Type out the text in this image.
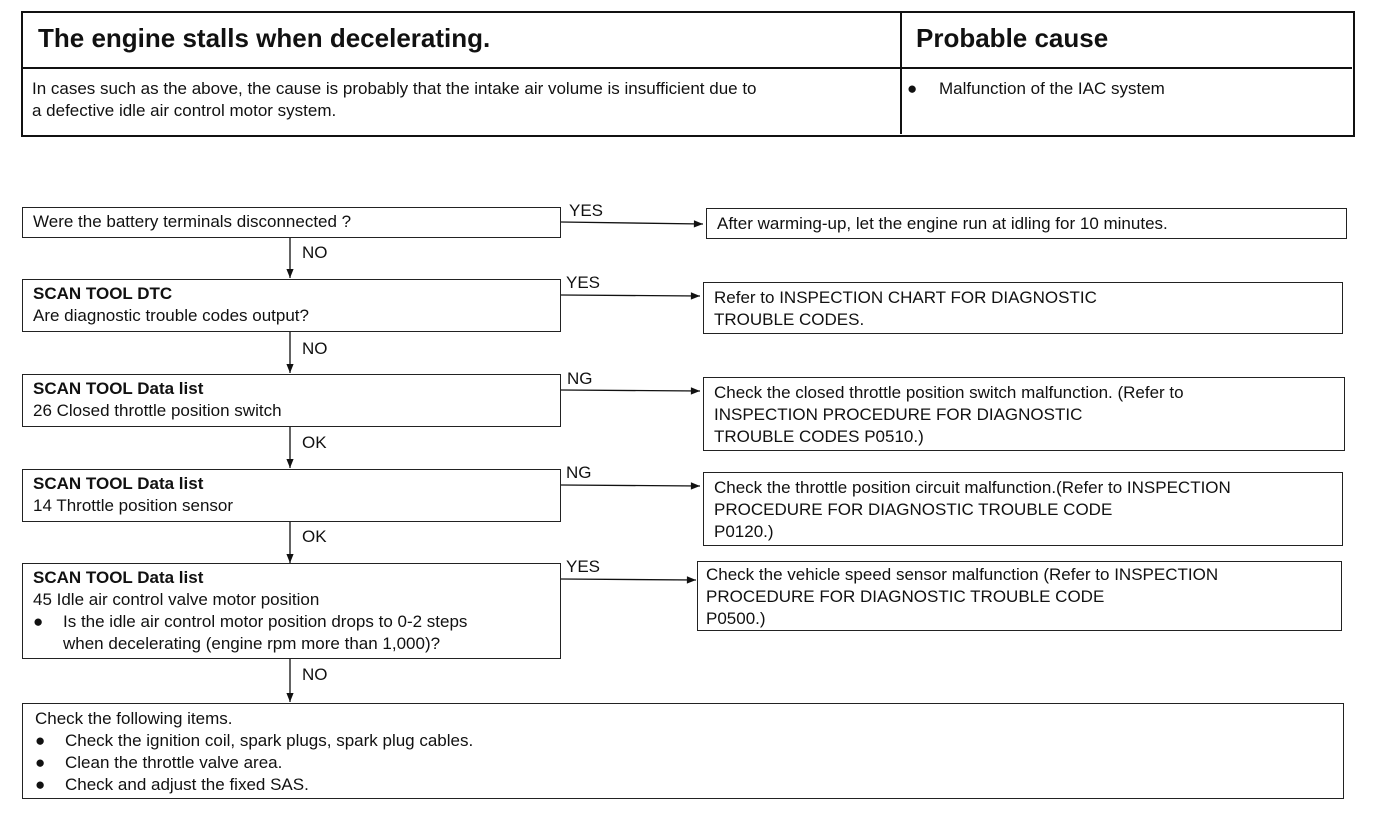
The engine stalls when decelerating.	Probable cause
In cases such as the above, the cause is probably that the intake air volume is insufficient due to
a defective idle air control motor system.
● Malfunction of the IAC system
Were the battery terminals disconnected ?
YES
After warming-up, let the engine run at idling for 10 minutes.
NO
SCAN TOOL DTC
Are diagnostic trouble codes output?
YES
Refer to INSPECTION CHART FOR DIAGNOSTIC
TROUBLE CODES.
NO
SCAN TOOL Data list
26 Closed throttle position switch
NG
Check the closed throttle position switch malfunction. (Refer to
INSPECTION PROCEDURE FOR DIAGNOSTIC
TROUBLE CODES P0510.)
OK
SCAN TOOL Data list
14 Throttle position sensor
NG
Check the throttle position circuit malfunction.(Refer to INSPECTION
PROCEDURE FOR DIAGNOSTIC TROUBLE CODE
P0120.)
OK
SCAN TOOL Data list
45 Idle air control valve motor position
● Is the idle air control motor position drops to 0-2 steps
when decelerating (engine rpm more than 1,000)?
YES	Check the vehicle speed sensor malfunction (Refer to INSPECTION
PROCEDURE FOR DIAGNOSTIC TROUBLE CODE
P0500.)
NO
Check the following items.
● Check the ignition coil, spark plugs, spark plug cables.
● Clean the throttle valve area.
● Check and adjust the fixed SAS.
